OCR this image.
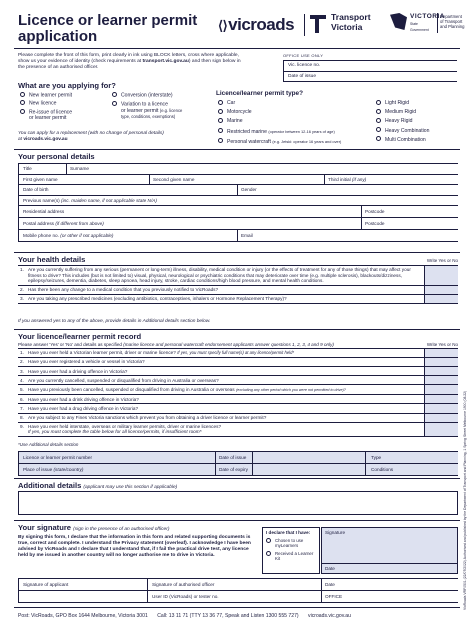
Licence or learner permit
application
⟨⟩vicroads	Transport
Victoria
VICTORIA
State Government
Department
of Transport
and Planning
Please complete the front of this form, print clearly in ink using BLOCK letters, cross where applicable,
show us your evidence of identity (check requirements at transport.vic.gov.au) and then sign below in
the presence of an authorised officer.
OFFICE USE ONLY
Vic. licence no.
Date of issue
What are you applying for?
New learner permit
New licence
Re-issue of licence
or learner permit
Conversion (interstate)
Variation to a licence
or learner permit (e.g. licence
type, conditions, exemptions)
You can apply for a replacement (with no change of personal details)
at vicroads.vic.gov.au
Licence/learner permit type?
Car
Motorcycle
Marine
Restricted marine (operator between 12-16 years of age)
Personal watercraft (e.g. Jetski: operator 16 years and over)
Light Rigid
Medium Rigid
Heavy Rigid
Heavy Combination
Multi Combination
Your personal details
Title	Surname
First given name	Second given name	Third initial (if any)
Date of birth	Gender
Previous name(s) (inc. maiden name, if not applicable state N/A)
Residential address	Postcode
Postal address (if different from above)	Postcode
Mobile phone no. (or other if not applicable)	Email
Your health details	Write Yes or No
1. Are you currently suffering from any serious (permanent or long-term) illness, disability, medical condition or injury (or the effects of treatment for any of those things) that may affect your fitness to drive? This includes (but is not limited to) visual, physical, neurological or psychiatric conditions that may deteriorate over time (e.g. multiple sclerosis), blackouts/dizziness, epilepsy/seizures, dementia, diabetes, sleep apnoea, head injury, stroke, cardiac conditions/high blood pressure, and mental health conditions.
2. Has there been any change to a medical condition that you previously notified to VicRoads?
3. Are you taking any prescribed medicines (excluding antibiotics, contraceptives, inhalers or Hormone Replacement Therapy)?
If you answered yes to any of the above, provide details in Additional details section below.
Your licence/learner permit record
Please answer 'Yes' or 'No' and details as specified (marine licence and personal watercraft endorsement applicants answer questions 1, 2, 3, 4 and 9 only)	Write Yes or No
1. Have you ever held a Victorian learner permit, driver or marine licence? If yes, you must specify full name(s) at any licence/permit held*
2. Have you ever registered a vehicle or vessel in Victoria?
3. Have you ever had a driving offence in Victoria?
4. Are you currently cancelled, suspended or disqualified from driving in Australia or overseas?
5. Have you previously been cancelled, suspended or disqualified from driving in Australia or overseas (excluding any other period which you were not permitted to drive)?
6. Have you ever had a drink driving offence in Victoria?
7. Have you ever had a drug driving offence in Victoria?
8. Are you subject to any Fines Victoria sanctions which prevent you from obtaining a driver licence or learner permit?
9. Have you ever held interstate, overseas or military learner permits, driver or marine licences?
If yes, you must complete the table below for all licence/permits, if insufficient room*
*Use Additional details section
Licence or learner permit number	Date of issue	Type
Place of issue (state/country)	Date of expiry	Conditions
Additional details (applicant may use this section if applicable)
Your signature (sign in the presence of an authorised officer)
By signing this form, I declare that the information in this form and related supporting documents is true, correct and complete. I understand the Privacy statement (overleaf). I acknowledge I have been advised by VicRoads and I declare that I understand that, if I fail the practical drive test, any licence held by me issued in another country will no longer authorise me to drive in Victoria.
I declare that I have:
Chosen to use myLearners
Received a Learner Kit
Signature
Date
Signature of applicant	Signature of authorised officer	Date
User ID (VicRoads) or tester no.	OFFICE
Post: VicRoads, GPO Box 1644 Melbourne, Victoria 3001 Call: 13 11 71 (TTY 13 36 77, Speak and Listen 1300 555 727) vicroads.vic.gov.au
VicRoads VRF0501 (22/07/2022) Authorised and published by the Department of Transport and Planning, 1 Spring Street Melbourne 1900 (08.22)
